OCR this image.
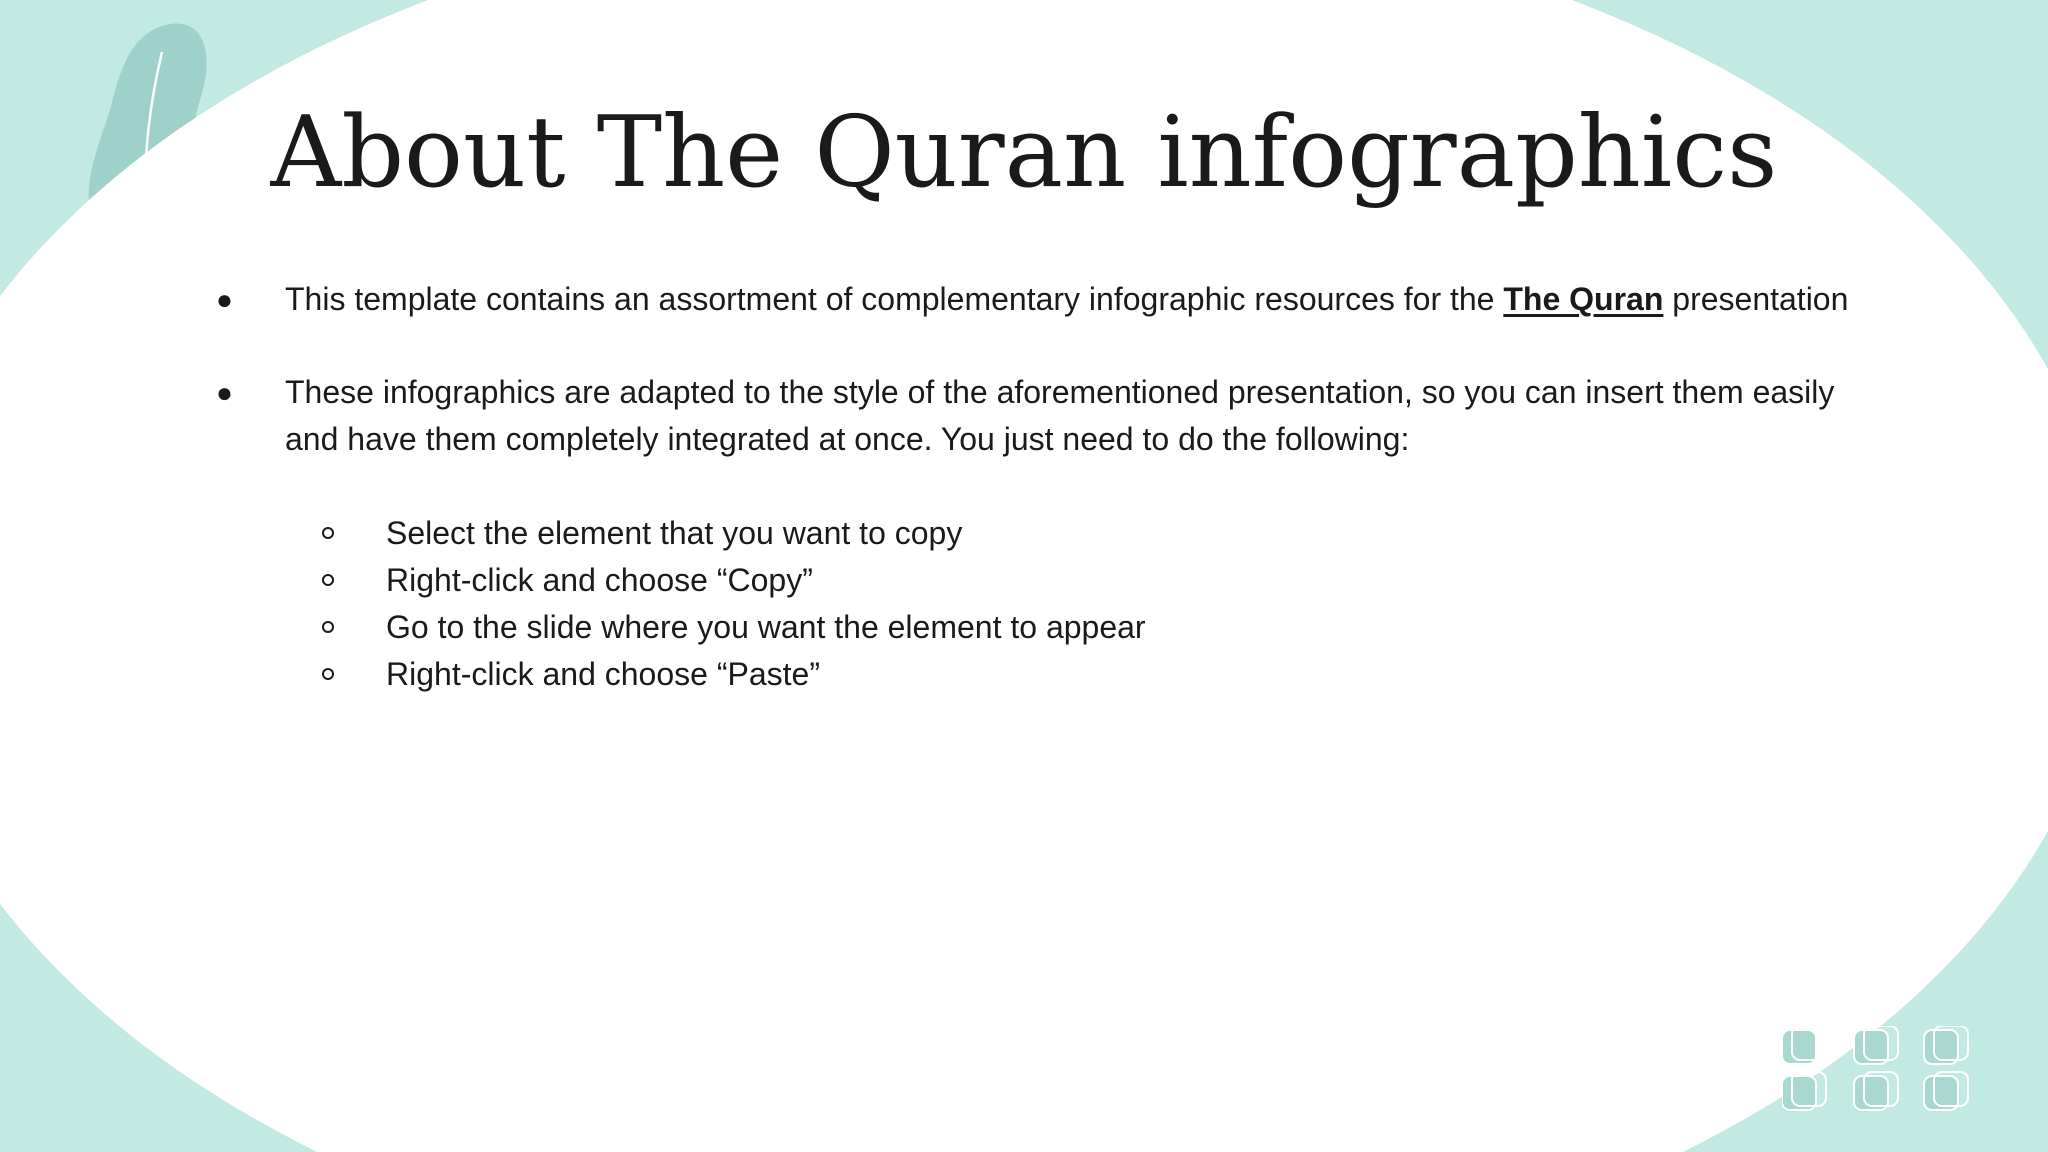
About The Quran infographics
● This template contains an assortment of complementary infographic resources for the The Quran presentation
● These infographics are adapted to the style of the aforementioned presentation, so you can insert them easily and have them completely integrated at once. You just need to do the following:
Select the element that you want to copy
Right-click and choose “Copy”
Go to the slide where you want the element to appear
Right-click and choose “Paste”
